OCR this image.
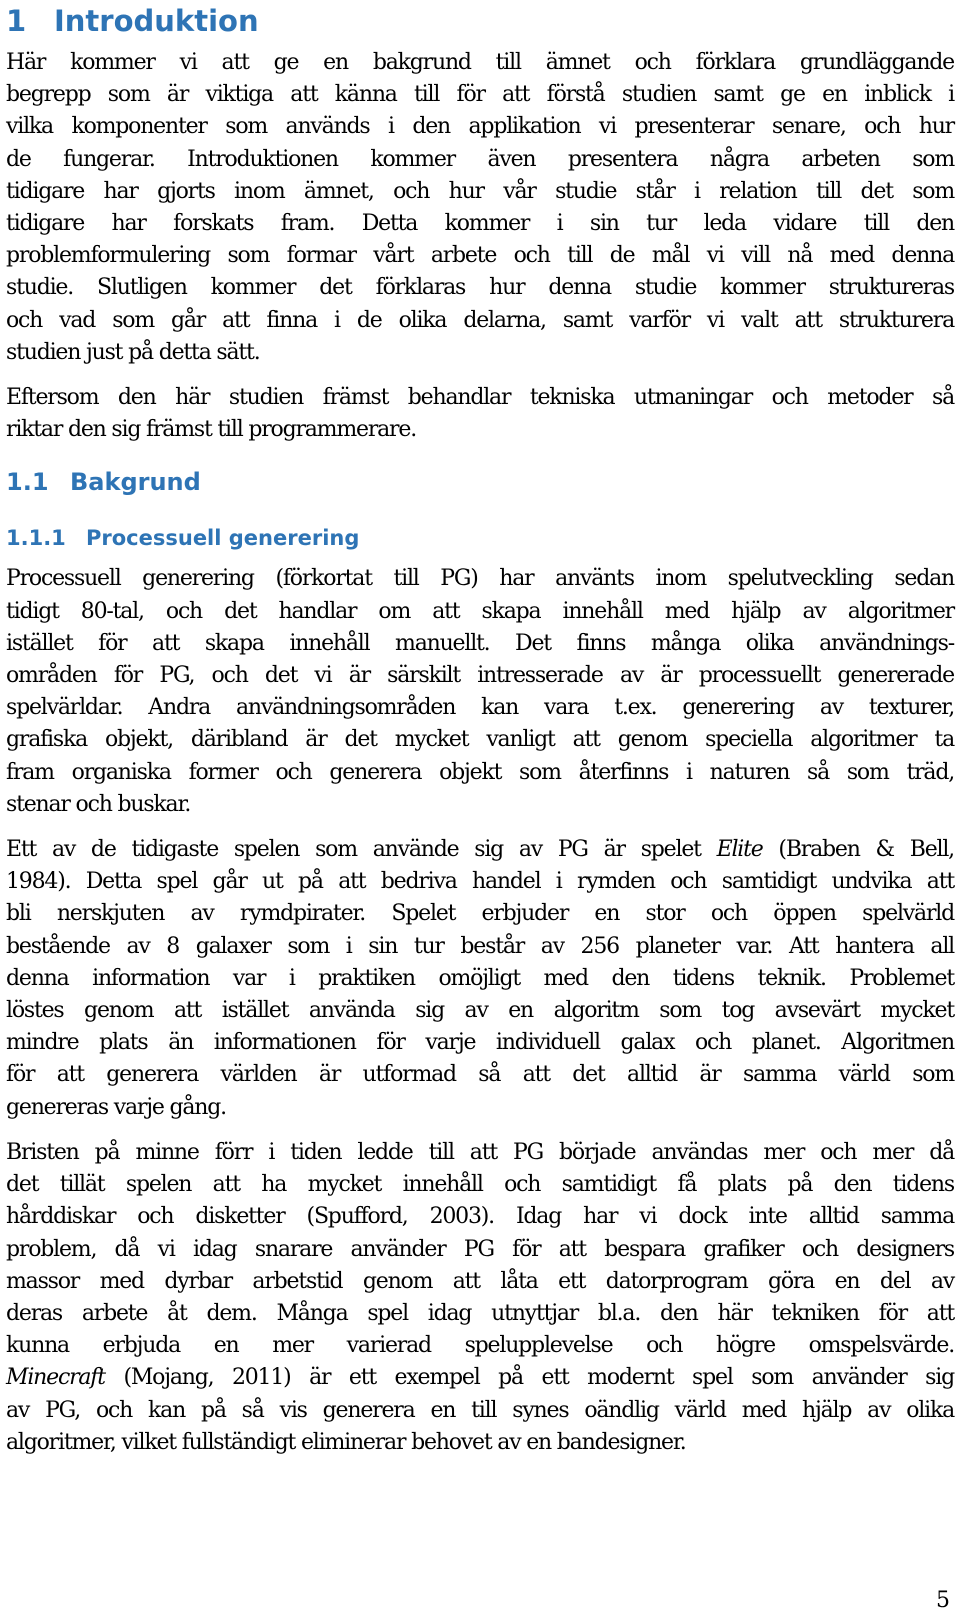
1 Introduktion

Här kommer vi att ge en bakgrund till ämnet och förklara grundläggande
begrepp som är viktiga att känna till för att förstå studien samt ge en inblick i
vilka komponenter som används i den applikation vi presenterar senare, och hur
de fungerar. Introduktionen kommer även presentera några arbeten som
tidigare har gjorts inom ämnet, och hur vår studie står i relation till det som
tidigare har forskats fram. Detta kommer i sin tur leda vidare till den
problemformulering som formar vårt arbete och till de mål vi vill nå med denna
studie. Slutligen kommer det förklaras hur denna studie kommer struktureras
och vad som går att finna i de olika delarna, samt varför vi valt att strukturera
studien just på detta sätt.

Eftersom den här studien främst behandlar tekniska utmaningar och metoder så
riktar den sig främst till programmerare.

1.1 Bakgrund
1.1.1 Processuell generering

Processuell generering (förkortat till PG) har använts inom spelutveckling sedan
tidigt 80-tal, och det handlar om att skapa innehåll med hjälp av algoritmer
istället för att skapa innehåll manuellt. Det finns många olika användnings-
områden för PG, och det vi är särskilt intresserade av är processuellt genererade
spelvärldar. Andra användningsområden kan vara t.ex. generering av texturer,
grafiska objekt, däribland är det mycket vanligt att genom speciella algoritmer ta
fram organiska former och generera objekt som återfinns i naturen så som träd,
stenar och buskar.

Ett av de tidigaste spelen som använde sig av PG är spelet Elite (Braben & Bell,
1984). Detta spel går ut på att bedriva handel i rymden och samtidigt undvika att
bli nerskjuten av rymdpirater. Spelet erbjuder en stor och öppen spelvärld
bestående av 8 galaxer som i sin tur består av 256 planeter var. Att hantera all
denna information var i praktiken omöjligt med den tidens teknik. Problemet
löstes genom att istället använda sig av en algoritm som tog avsevärt mycket
mindre plats än informationen för varje individuell galax och planet. Algoritmen
för att generera världen är utformad så att det alltid är samma värld som
genereras varje gång.

Bristen på minne förr i tiden ledde till att PG började användas mer och mer då
det tillät spelen att ha mycket innehåll och samtidigt få plats på den tidens
hårddiskar och disketter (Spufford, 2003). Idag har vi dock inte alltid samma
problem, då vi idag snarare använder PG för att bespara grafiker och designers
massor med dyrbar arbetstid genom att låta ett datorprogram göra en del av
deras arbete åt dem. Många spel idag utnyttjar bl.a. den här tekniken för att
kunna erbjuda en mer varierad spelupplevelse och högre omspelsvärde.
Minecraft (Mojang, 2011) är ett exempel på ett modernt spel som använder sig
av PG, och kan på så vis generera en till synes oändlig värld med hjälp av olika
algoritmer, vilket fullständigt eliminerar behovet av en bandesigner.

5
